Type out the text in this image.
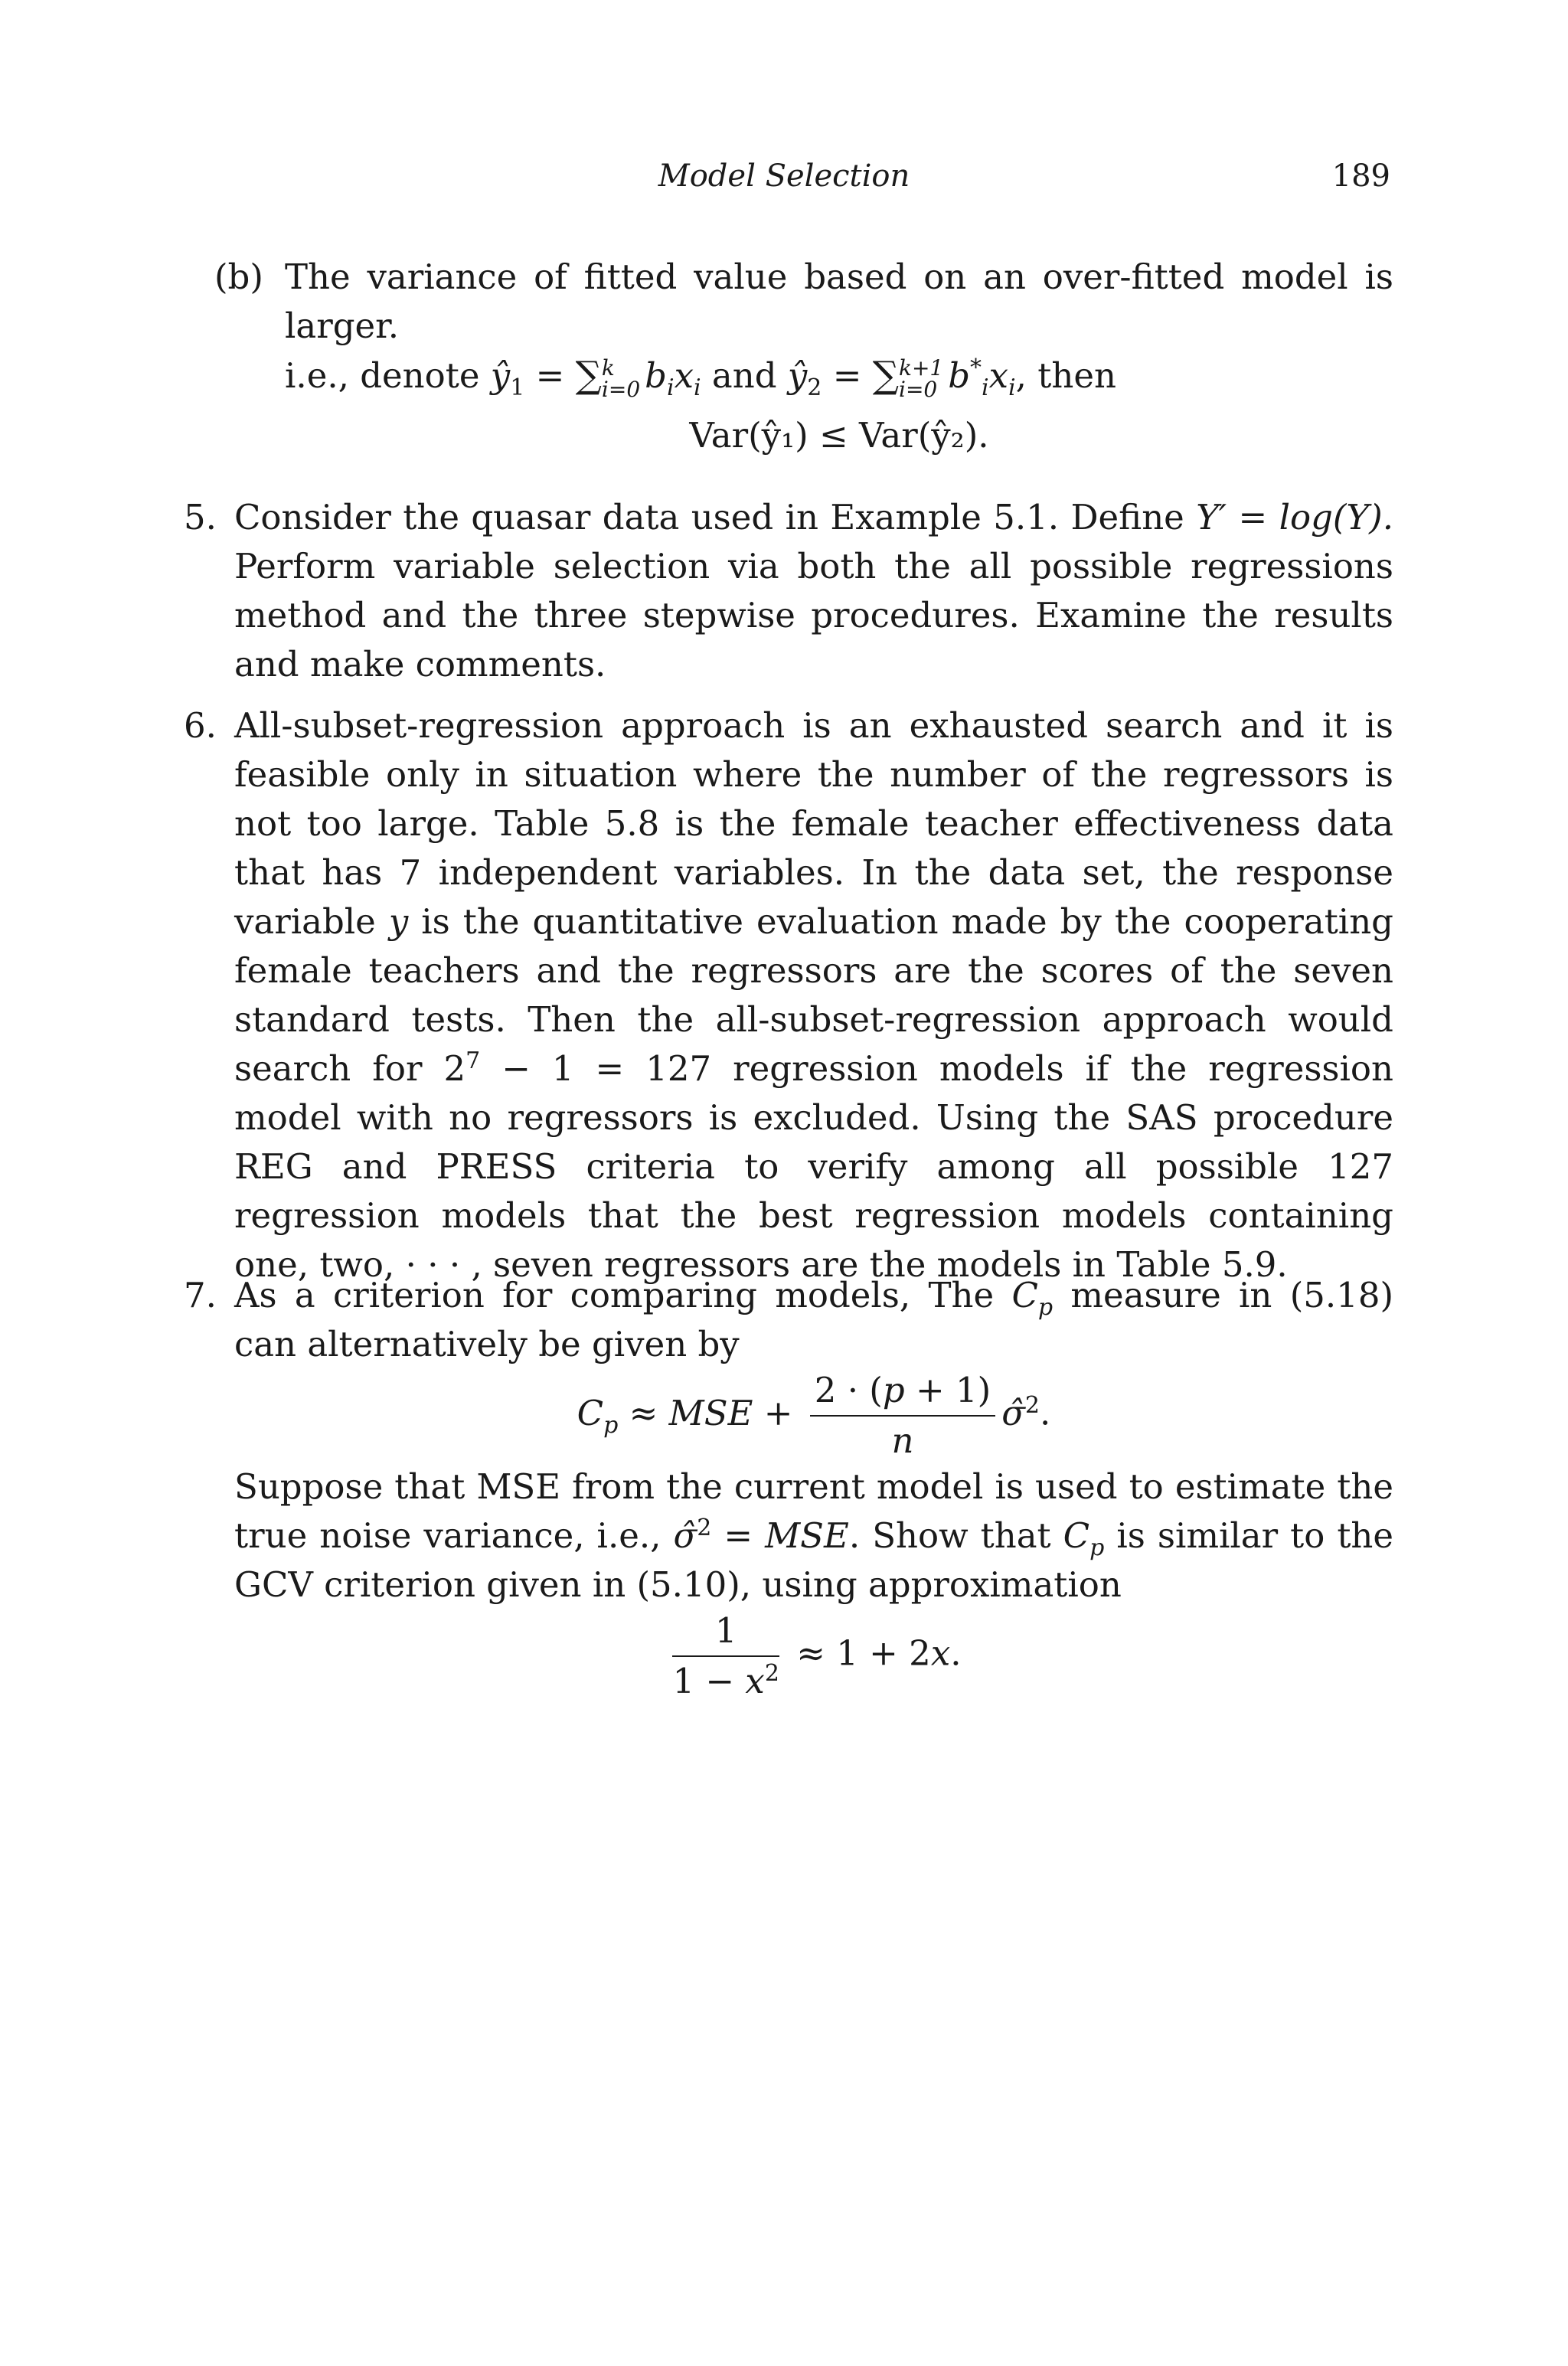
Model Selection	189
(b) The variance of fitted value based on an over-fitted model is larger.

i.e., denote $ŷ_1$ = ∑ k
i=0 $b_ix_i$ and $ŷ_2$ = ∑ k+1
i=0 $b^*_ix_i$, then

Var(ŷ₁) ≤ Var(ŷ₂).

5. Consider the quasar data used in Example 5.1. Define Y′ = log(Y). Perform variable selection via both the all possible regressions method and the three stepwise procedures. Examine the results and make comments.

6. All-subset-regression approach is an exhausted search and it is feasible only in situation where the number of the regressors is not too large. Table 5.8 is the female teacher effectiveness data that has 7 independent variables. In the data set, the response variable y is the quantitative evaluation made by the cooperating female teachers and the regressors are the scores of the seven standard tests. Then the all-subset-regression approach would search for $2^7 - 1 = 127$ regression models if the regression model with no regressors is excluded. Using the SAS procedure REG and PRESS criteria to verify among all possible 127 regression models that the best regression models containing one, two, · · · , seven regressors are the models in Table 5.9.

7. As a criterion for comparing models, The $C_p$ measure in (5.18) can alternatively be given by

$C_p$ ≈ MSE + $\frac{2 \cdot (p + 1)}{n}$ σ̂$^2$.

Suppose that MSE from the current model is used to estimate the true noise variance, i.e., σ̂$^2$ = MSE. Show that $C_p$ is similar to the GCV criterion given in (5.10), using approximation

$\frac{1}{1 - x^2} \approx 1 + 2x$.
